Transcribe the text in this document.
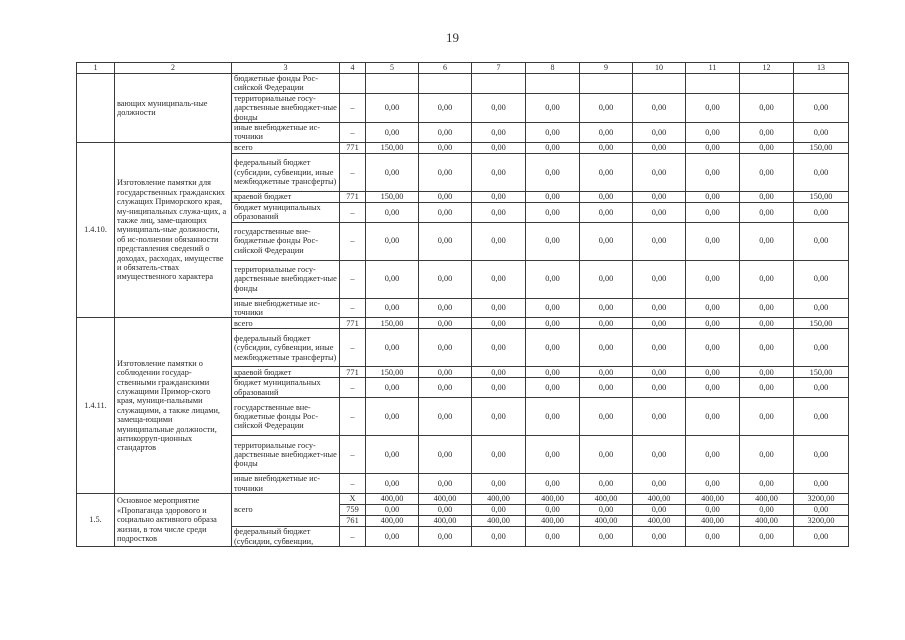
19
1	2	3	4	5	6	7	8	9	10	11	12	13
	вающих муниципаль-ные должности	бюджетные фонды Рос-сийской Федерации										
		территориальные госу-дарственные внебюджет-ные фонды	–	0,00	0,00	0,00	0,00	0,00	0,00	0,00	0,00	0,00
		иные внебюджетные ис-точники	–	0,00	0,00	0,00	0,00	0,00	0,00	0,00	0,00	0,00
1.4.10.	Изготовление памятки для государственных гражданских служащих Приморского края, му-ниципальных служа-щих, а также лиц, заме-щающих муниципаль-ные должности, об ис-полнении обязанности представления сведений о доходах, расходах, имуществе и обязатель-ствах имущественного характера	всего	771	150,00	0,00	0,00	0,00	0,00	0,00	0,00	0,00	150,00
		федеральный бюджет (субсидии, субвенции, иные межбюджетные трансферты)	–	0,00	0,00	0,00	0,00	0,00	0,00	0,00	0,00	0,00
		краевой бюджет	771	150,00	0,00	0,00	0,00	0,00	0,00	0,00	0,00	150,00
		бюджет муниципальных образований	–	0,00	0,00	0,00	0,00	0,00	0,00	0,00	0,00	0,00
		государственные вне-бюджетные фонды Рос-сийской Федерации	–	0,00	0,00	0,00	0,00	0,00	0,00	0,00	0,00	0,00
		территориальные госу-дарственные внебюджет-ные фонды	–	0,00	0,00	0,00	0,00	0,00	0,00	0,00	0,00	0,00
		иные внебюджетные ис-точники	–	0,00	0,00	0,00	0,00	0,00	0,00	0,00	0,00	0,00
1.4.11.	Изготовление памятки о соблюдении государ-ственными гражданскими служащими Примор-ского края, муници-пальными служащими, а также лицами, замеща-ющими муниципальные должности, антикорруп-ционных стандартов	всего	771	150,00	0,00	0,00	0,00	0,00	0,00	0,00	0,00	150,00
		федеральный бюджет (субсидии, субвенции, иные межбюджетные трансферты)	–	0,00	0,00	0,00	0,00	0,00	0,00	0,00	0,00	0,00
		краевой бюджет	771	150,00	0,00	0,00	0,00	0,00	0,00	0,00	0,00	150,00
		бюджет муниципальных образований	–	0,00	0,00	0,00	0,00	0,00	0,00	0,00	0,00	0,00
		государственные вне-бюджетные фонды Рос-сийской Федерации	–	0,00	0,00	0,00	0,00	0,00	0,00	0,00	0,00	0,00
		территориальные госу-дарственные внебюджет-ные фонды	–	0,00	0,00	0,00	0,00	0,00	0,00	0,00	0,00	0,00
		иные внебюджетные ис-точники	–	0,00	0,00	0,00	0,00	0,00	0,00	0,00	0,00	0,00
1.5.	Основное мероприятие «Пропаганда здорового и социально активного образа жизни, в том числе среди подростков	всего	X	400,00	400,00	400,00	400,00	400,00	400,00	400,00	400,00	3200,00
			759	0,00	0,00	0,00	0,00	0,00	0,00	0,00	0,00	0,00
			761	400,00	400,00	400,00	400,00	400,00	400,00	400,00	400,00	3200,00
		федеральный бюджет (субсидии, субвенции,	–	0,00	0,00	0,00	0,00	0,00	0,00	0,00	0,00	0,00
